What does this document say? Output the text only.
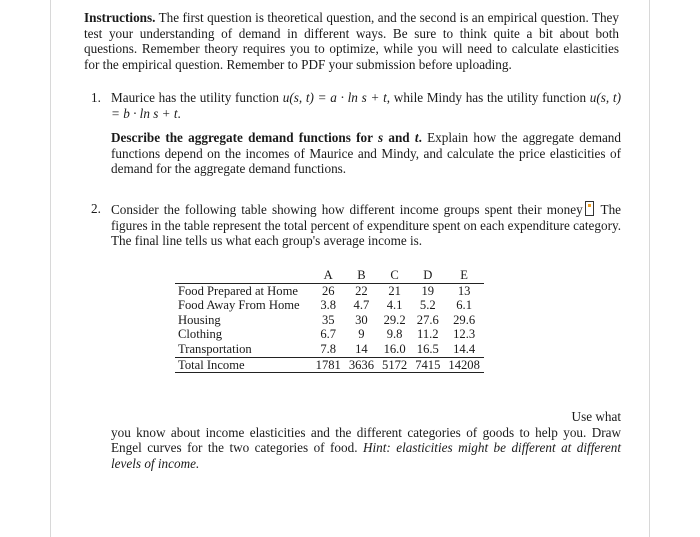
Instructions. The first question is theoretical question, and the second is an empirical question. They test your understanding of demand in different ways. Be sure to think quite a bit about both questions. Remember theory requires you to optimize, while you will need to calculate elasticities for the empirical question. Remember to PDF your submission before uploading.
1. Maurice has the utility function u(s, t) = a · ln s + t, while Mindy has the utility function u(s, t) = b · ln s + t.

Describe the aggregate demand functions for s and t. Explain how the aggregate demand functions depend on the incomes of Maurice and Mindy, and calculate the price elasticities of demand for the aggregate demand functions.

2. Consider the following table showing how different income groups spent their money The figures in the table represent the total percent of expenditure spent on each expenditure category. The final line tells us what each group's average income is.

	A	B	C	D	E
Food Prepared at Home	26	22	21	19	13
Food Away From Home	3.8	4.7	4.1	5.2	6.1
Housing	35	30	29.2	27.6	29.6
Clothing	6.7	9	9.8	11.2	12.3
Transportation	7.8	14	16.0	16.5	14.4
Total Income	1781	3636	5172	7415	14208

Use what

you know about income elasticities and the different categories of goods to help you. Draw Engel curves for the two categories of food. Hint: elasticities might be different at different levels of income.
